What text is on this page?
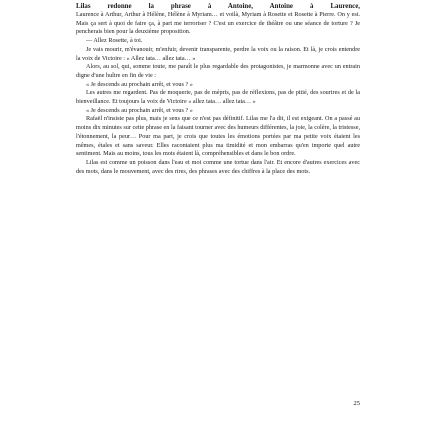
Lilas redonne la phrase à Antoine, Antoine à Laurence,

Laurence à Arthur, Arthur à Hélène, Hélène à Myriam… et voilà, Myriam à Rosette et Rosette à Pierre. On y est. Mais ça sert à quoi de faire ça, à part me terroriser ? C'est un exercice de théâtre ou une séance de torture ? Je pencherais bien pour la deuxième proposition.

— Allez Rosette, à toi.

Je vais mourir, m'évanouir, m'enfuir, devenir transparente, perdre la voix ou la raison. Et là, je crois entendre la voix de Victoire : « Allez tata… allez tata… »

Alors, au sol, qui, somme toute, me paraît le plus regardable des protagonistes, je marmonne avec un entrain digne d'une huître en fin de vie :

« Je descends au prochain arrêt, et vous ? »

Les autres me regardent. Pas de moquerie, pas de mépris, pas de réflexions, pas de pitié, des sourires et de la bienveillance. Et toujours la voix de Victoire « allez tata… allez tata… »

« Je descends au prochain arrêt, et vous ? »

Rafaël n'insiste pas plus, mais je sens que ce n'est pas définitif. Lilas me l'a dit, il est exigeant. On a passé au moins dix minutes sur cette phrase en la faisant tourner avec des humeurs différentes, la joie, la colère, la tristesse, l'étonnement, la peur… Pour ma part, je crois que toutes les émotions portées par ma petite voix étaient les mêmes, étales et sans saveur. Elles racontaient plus ma timidité et mon embarras qu'en importe quel autre sentiment. Mais au moins, tous les mots étaient là, compréhensibles et dans le bon ordre.

Lilas est comme un poisson dans l'eau et moi comme une tortue dans l'air. Et encore d'autres exercices avec des mots, dans le mouvement, avec des rires, des phrases avec des chiffres à la place des mots.

25
